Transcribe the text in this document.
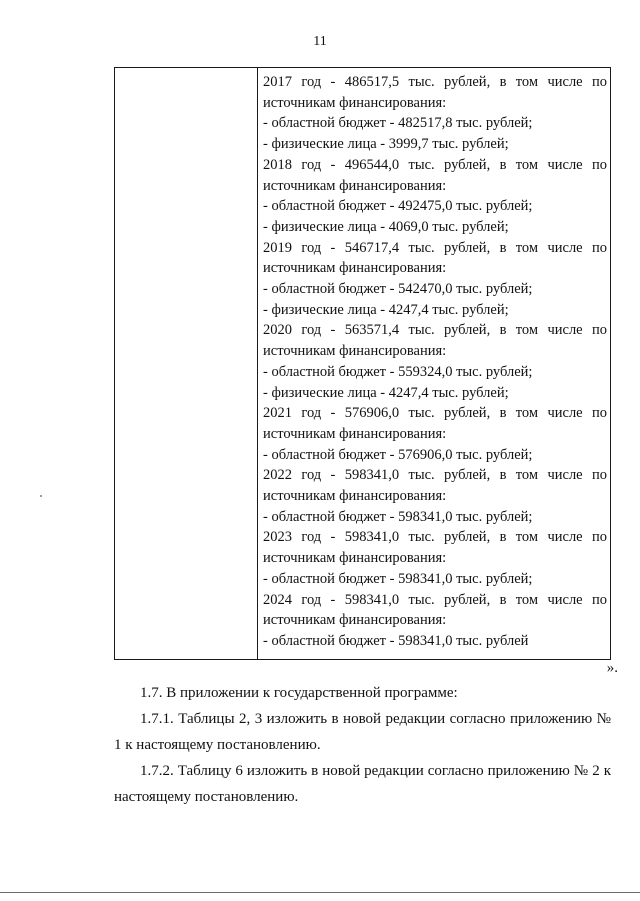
11
2017 год - 486517,5 тыс. рублей, в том числе по
источникам финансирования:
- областной бюджет - 482517,8 тыс. рублей;
- физические лица - 3999,7 тыс. рублей;
2018 год - 496544,0 тыс. рублей, в том числе по
источникам финансирования:
- областной бюджет - 492475,0 тыс. рублей;
- физические лица - 4069,0 тыс. рублей;
2019 год - 546717,4 тыс. рублей, в том числе по
источникам финансирования:
- областной бюджет - 542470,0 тыс. рублей;
- физические лица - 4247,4 тыс. рублей;
2020 год - 563571,4 тыс. рублей, в том числе по
источникам финансирования:
- областной бюджет - 559324,0 тыс. рублей;
- физические лица - 4247,4 тыс. рублей;
2021 год - 576906,0 тыс. рублей, в том числе по
источникам финансирования:
- областной бюджет - 576906,0 тыс. рублей;
2022 год - 598341,0 тыс. рублей, в том числе по
источникам финансирования:
- областной бюджет - 598341,0 тыс. рублей;
2023 год - 598341,0 тыс. рублей, в том числе по
источникам финансирования:
- областной бюджет - 598341,0 тыс. рублей;
2024 год - 598341,0 тыс. рублей, в том числе по
источникам финансирования:
- областной бюджет - 598341,0 тыс. рублей
».

1.7. В приложении к государственной программе:

1.7.1. Таблицы 2, 3 изложить в новой редакции согласно приложению № 1 к настоящему постановлению.

1.7.2. Таблицу 6 изложить в новой редакции согласно приложению № 2 к настоящему постановлению.
